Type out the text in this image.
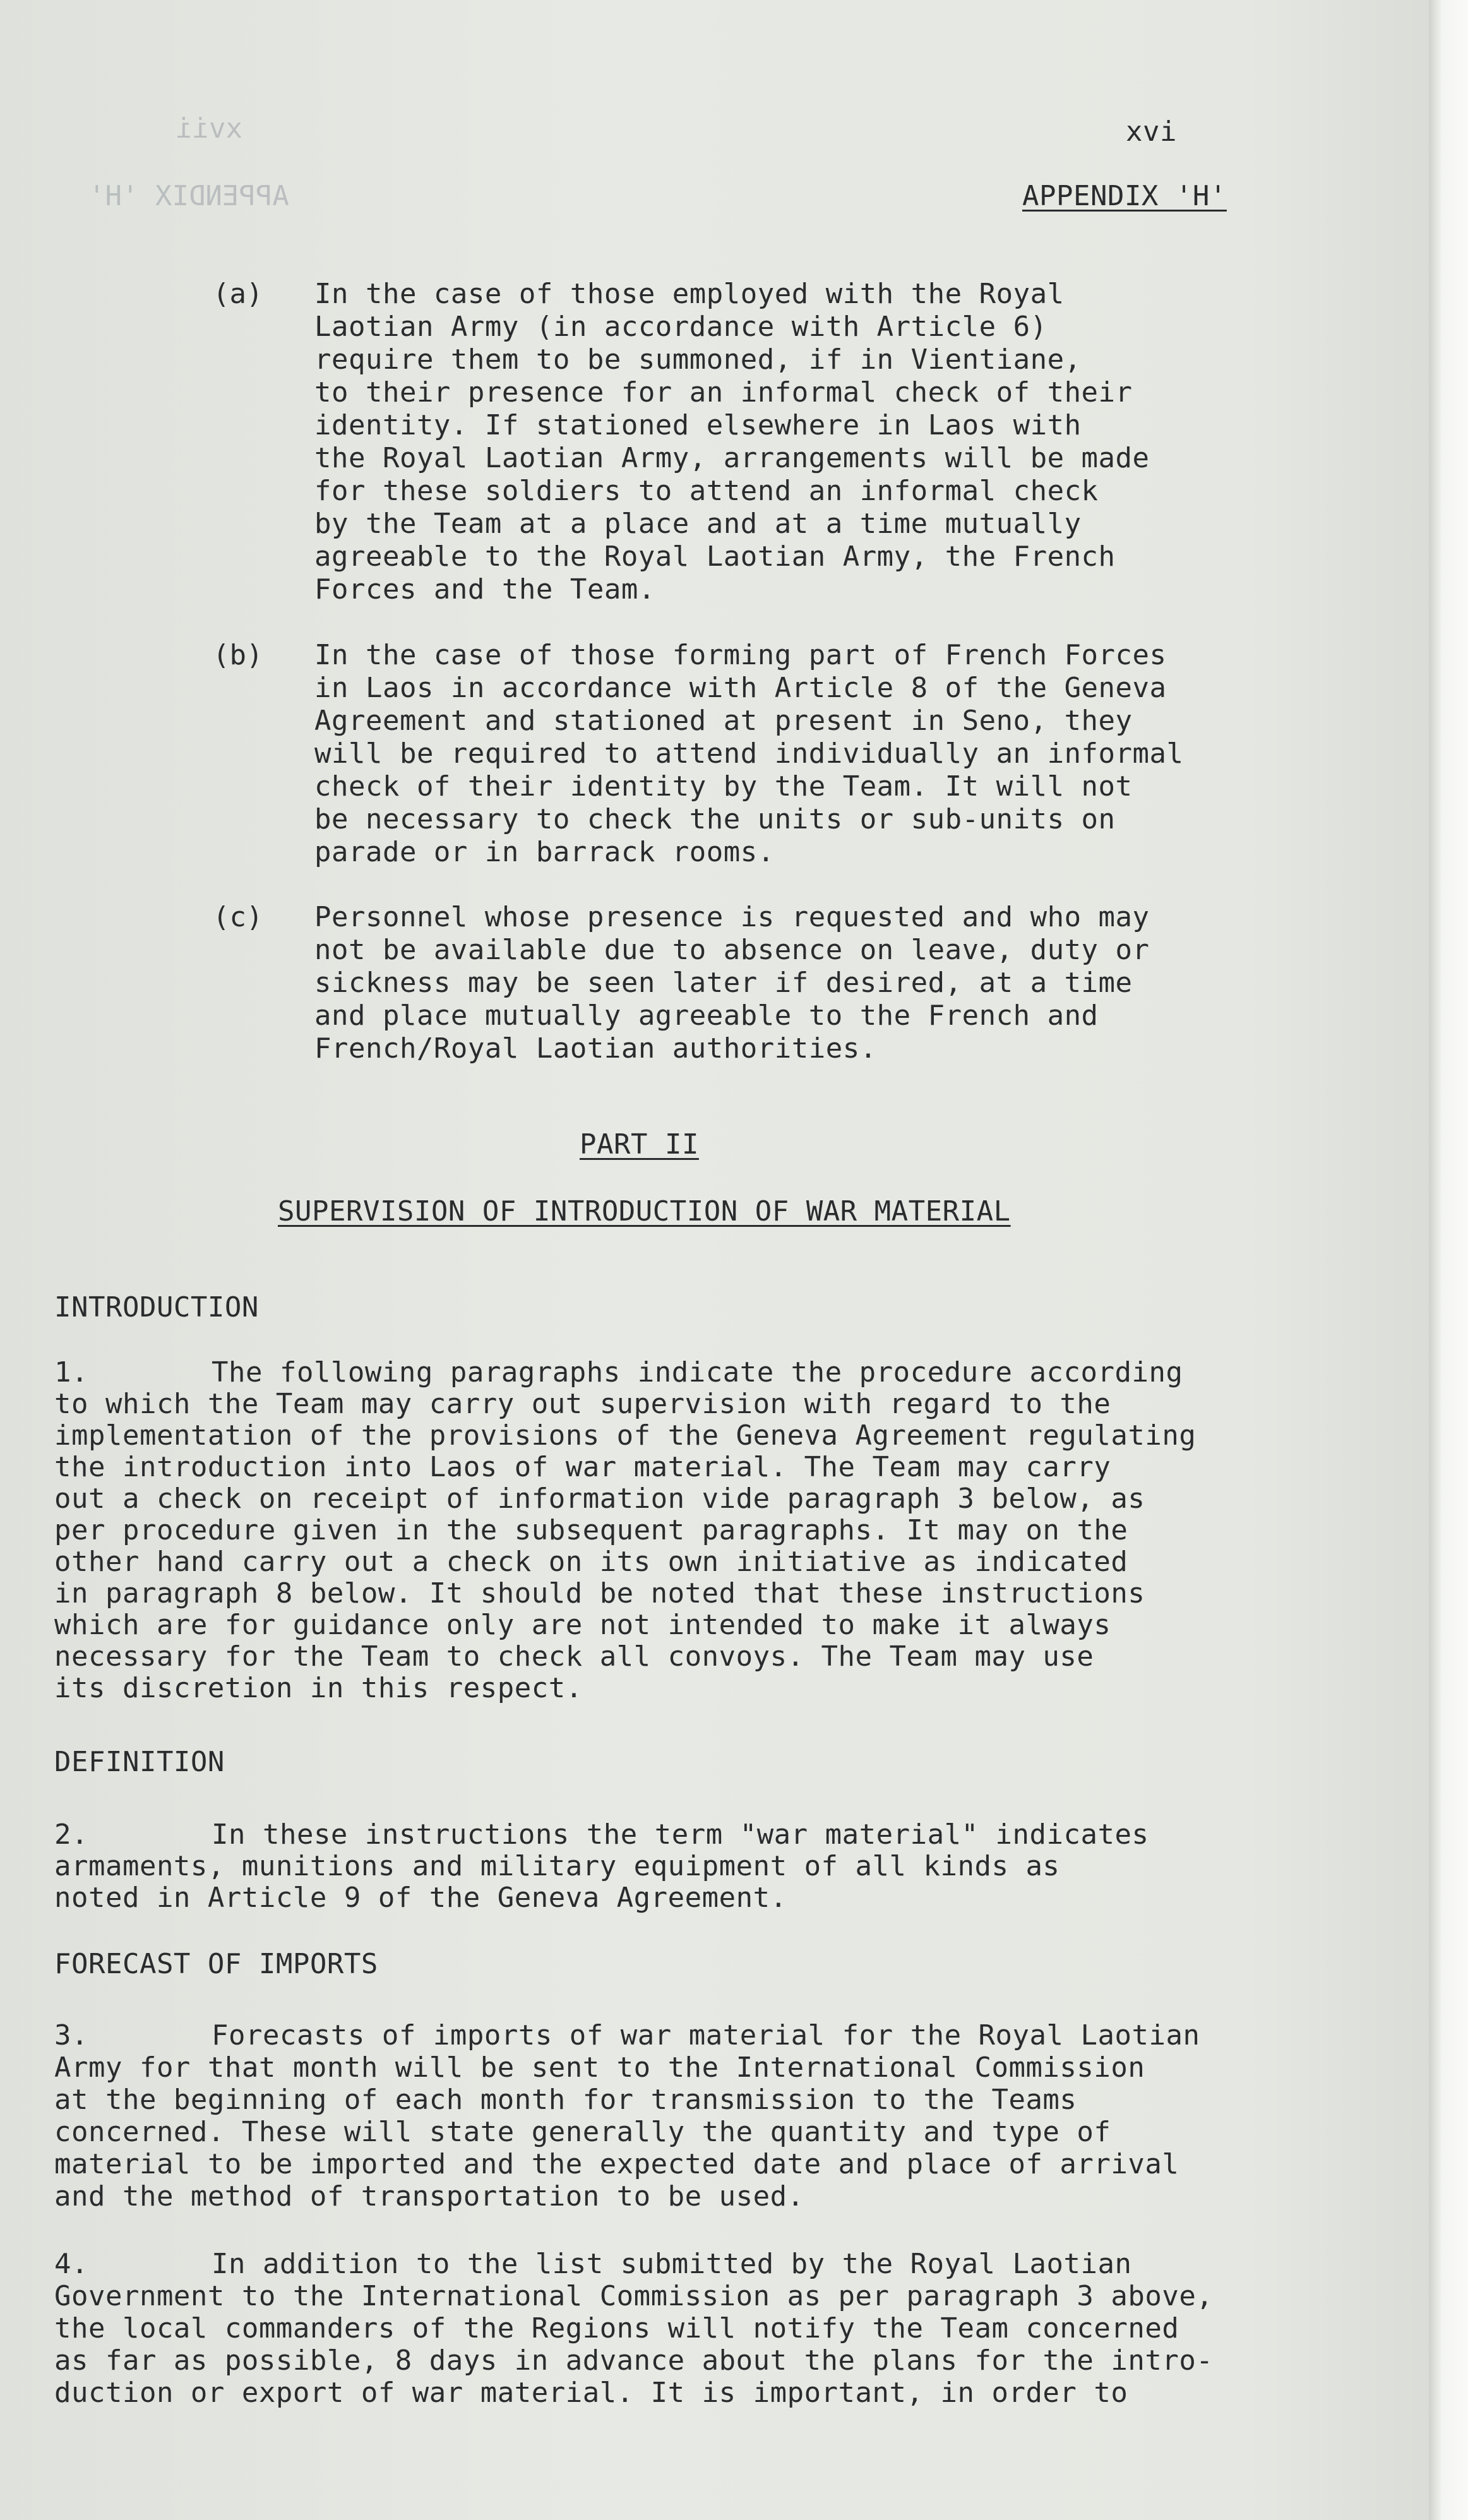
xvii
APPENDIX 'H'
xvi
APPENDIX 'H'
(a) In the case of those employed with the Royal
Laotian Army (in accordance with Article 6)
require them to be summoned, if in Vientiane,
to their presence for an informal check of their
identity. If stationed elsewhere in Laos with
the Royal Laotian Army, arrangements will be made
for these soldiers to attend an informal check
by the Team at a place and at a time mutually
agreeable to the Royal Laotian Army, the French
Forces and the Team.
(b) In the case of those forming part of French Forces
in Laos in accordance with Article 8 of the Geneva
Agreement and stationed at present in Seno, they
will be required to attend individually an informal
check of their identity by the Team. It will not
be necessary to check the units or sub-units on
parade or in barrack rooms.
(c) Personnel whose presence is requested and who may
not be available due to absence on leave, duty or
sickness may be seen later if desired, at a time
and place mutually agreeable to the French and
French/Royal Laotian authorities.
PART II
SUPERVISION OF INTRODUCTION OF WAR MATERIAL
INTRODUCTION
1.	The following paragraphs indicate the procedure according
to which the Team may carry out supervision with regard to the
implementation of the provisions of the Geneva Agreement regulating
the introduction into Laos of war material. The Team may carry
out a check on receipt of information vide paragraph 3 below, as
per procedure given in the subsequent paragraphs. It may on the
other hand carry out a check on its own initiative as indicated
in paragraph 8 below. It should be noted that these instructions
which are for guidance only are not intended to make it always
necessary for the Team to check all convoys. The Team may use
its discretion in this respect.
DEFINITION
2.	In these instructions the term "war material" indicates
armaments, munitions and military equipment of all kinds as
noted in Article 9 of the Geneva Agreement.
FORECAST OF IMPORTS
3.	Forecasts of imports of war material for the Royal Laotian
Army for that month will be sent to the International Commission
at the beginning of each month for transmission to the Teams
concerned. These will state generally the quantity and type of
material to be imported and the expected date and place of arrival
and the method of transportation to be used.
4.	In addition to the list submitted by the Royal Laotian
Government to the International Commission as per paragraph 3 above,
the local commanders of the Regions will notify the Team concerned
as far as possible, 8 days in advance about the plans for the intro-
duction or export of war material. It is important, in order to
